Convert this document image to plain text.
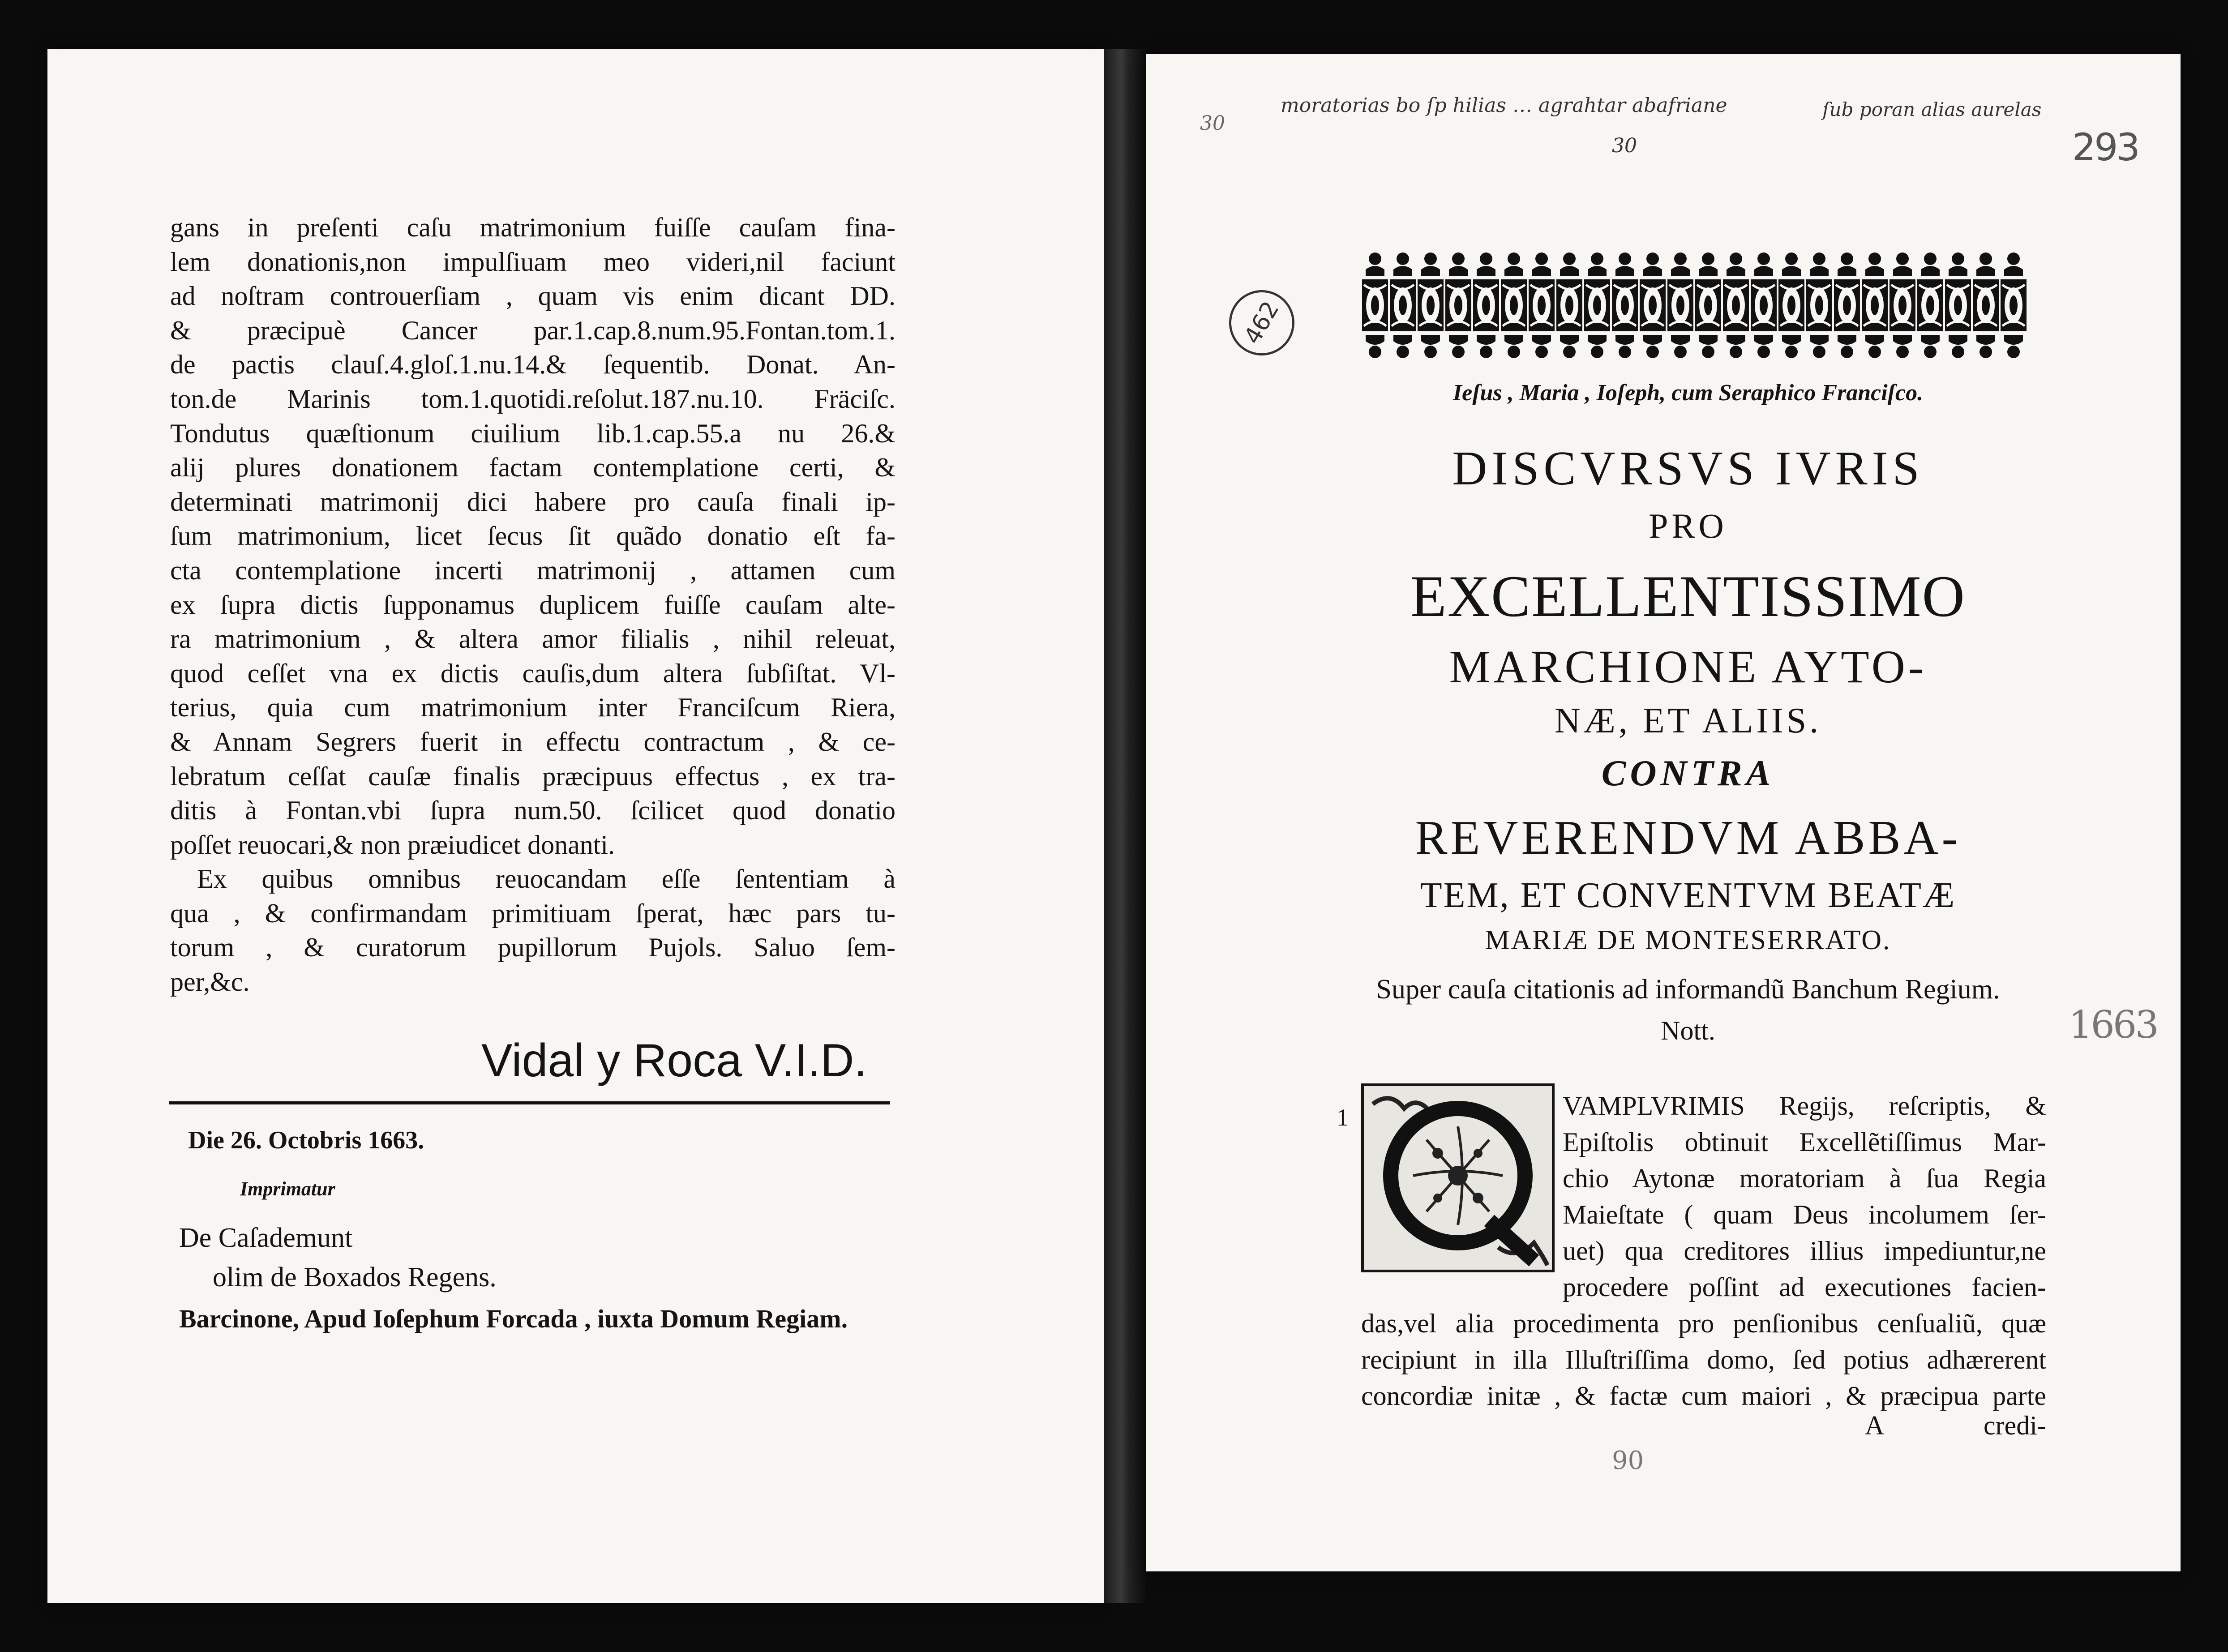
gans in preſenti caſu matrimonium fuiſſe cauſam fina-
lem donationis,non impulſiuam meo videri,nil faciunt
ad noſtram controuerſiam , quam vis enim dicant DD.
& præcipuè Cancer par.1.cap.8.num.95.Fontan.tom.1.
de pactis clauſ.4.gloſ.1.nu.14.& ſequentib. Donat. An-
ton.de Marinis tom.1.quotidi.reſolut.187.nu.10. Fräciſc.
Tondutus quæſtionum ciuilium lib.1.cap.55.a nu 26.&
alij plures donationem factam contemplatione certi, &
determinati matrimonij dici habere pro cauſa finali ip-
ſum matrimonium, licet ſecus ſit quãdo donatio eſt fa-
cta contemplatione incerti matrimonij , attamen cum
ex ſupra dictis ſupponamus duplicem fuiſſe cauſam alte-
ra matrimonium , & altera amor filialis , nihil releuat,
quod ceſſet vna ex dictis cauſis,dum altera ſubſiſtat. Vl-
terius, quia cum matrimonium inter Franciſcum Riera,
& Annam Segrers fuerit in effectu contractum , & ce-
lebratum ceſſat cauſæ finalis præcipuus effectus , ex tra-
ditis à Fontan.vbi ſupra num.50. ſcilicet quod donatio
poſſet reuocari,& non præiudicet donanti.
Ex quibus omnibus reuocandam eſſe ſententiam à
qua , & confirmandam primitiuam ſperat, hæc pars tu-
torum , & curatorum pupillorum Pujols. Saluo ſem-
per,&c.
Vidal y Roca V.I.D.
Die 26. Octobris 1663.
Imprimatur
De Caſademunt
olim de Boxados Regens.
Barcinone, Apud Ioſephum Forcada , iuxta Domum Regiam.
moratorias bo ſp hilias … agrahtar abafriane
30
ſub poran alias aurelas
30
293
462
1663
90
Ieſus , Maria , Ioſeph, cum Seraphico Franciſco.
DISCVRSVS IVRIS
PRO
EXCELLENTISSIMO
MARCHIONE AYTO-
NÆ, ET ALIIS.
CONTRA
REVERENDVM ABBA-
TEM, ET CONVENTVM BEATÆ
MARIÆ DE MONTESERRATO.
Super cauſa citationis ad informandũ Banchum Regium.
Nott.
1	VAMPLVRIMIS Regijs, reſcriptis, &
Epiſtolis obtinuit Excellẽtiſſimus Mar-
chio Aytonæ moratoriam à ſua Regia
Maieſtate ( quam Deus incolumem ſer-
uet) qua creditores illius impediuntur,ne
procedere poſſint ad executiones facien-
das,vel alia procedimenta pro penſionibus cenſualiũ, quæ
recipiunt in illa Illuſtriſſima domo, ſed potius adhærerent
concordiæ initæ , & factæ cum maiori , & præcipua parte
A	credi-
